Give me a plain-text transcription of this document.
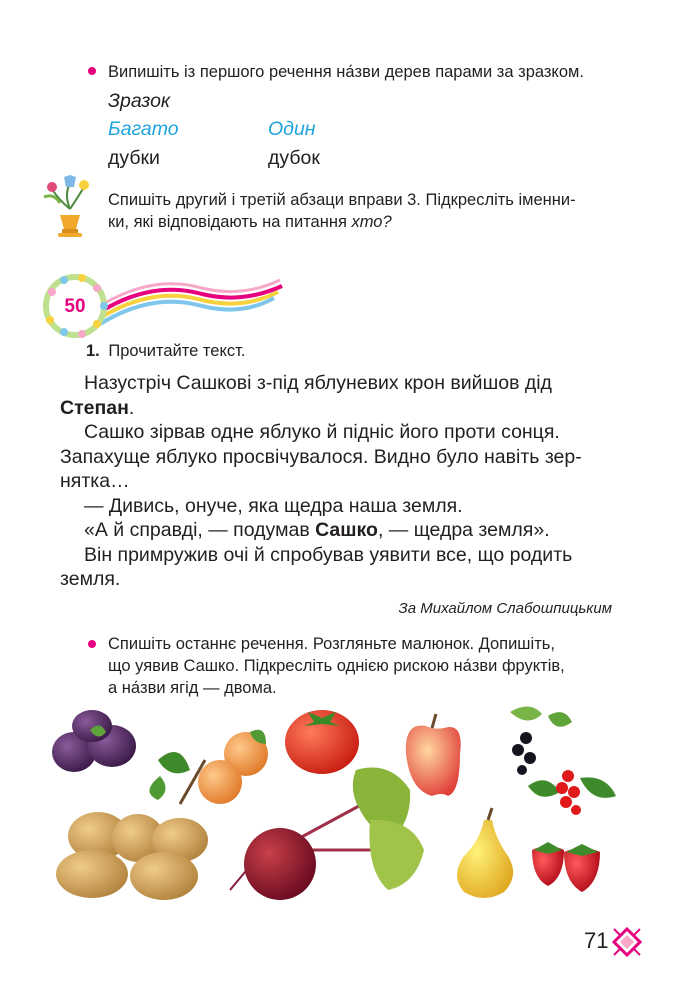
Випишіть із першого речення на́зви дерев парами за зразком.
Зразок
Багато	Один
дубки	дубок
Спишіть другий і третій абзаци вправи 3. Підкресліть іменни-
ки, які відповідають на питання хто?
50
1. Прочитайте текст.

Назустріч Сашкові з-під яблуневих крон вийшов дід

Степан.

Сашко зірвав одне яблуко й підніс його проти сонця.

Запахуще яблуко просвічувалося. Видно було навіть зер-

нятка…

— Дивись, онуче, яка щедра наша земля.

«А й справді, — подумав Сашко, — щедра земля».

Він примружив очі й спробував уявити все, що родить

земля.

За Михайлом Слабошпицьким
Спишіть останнє речення. Розгляньте малюнок. Допишіть,
що уявив Сашко. Підкресліть однією рискою на́зви фруктів,
а на́зви ягід — двома.
71
